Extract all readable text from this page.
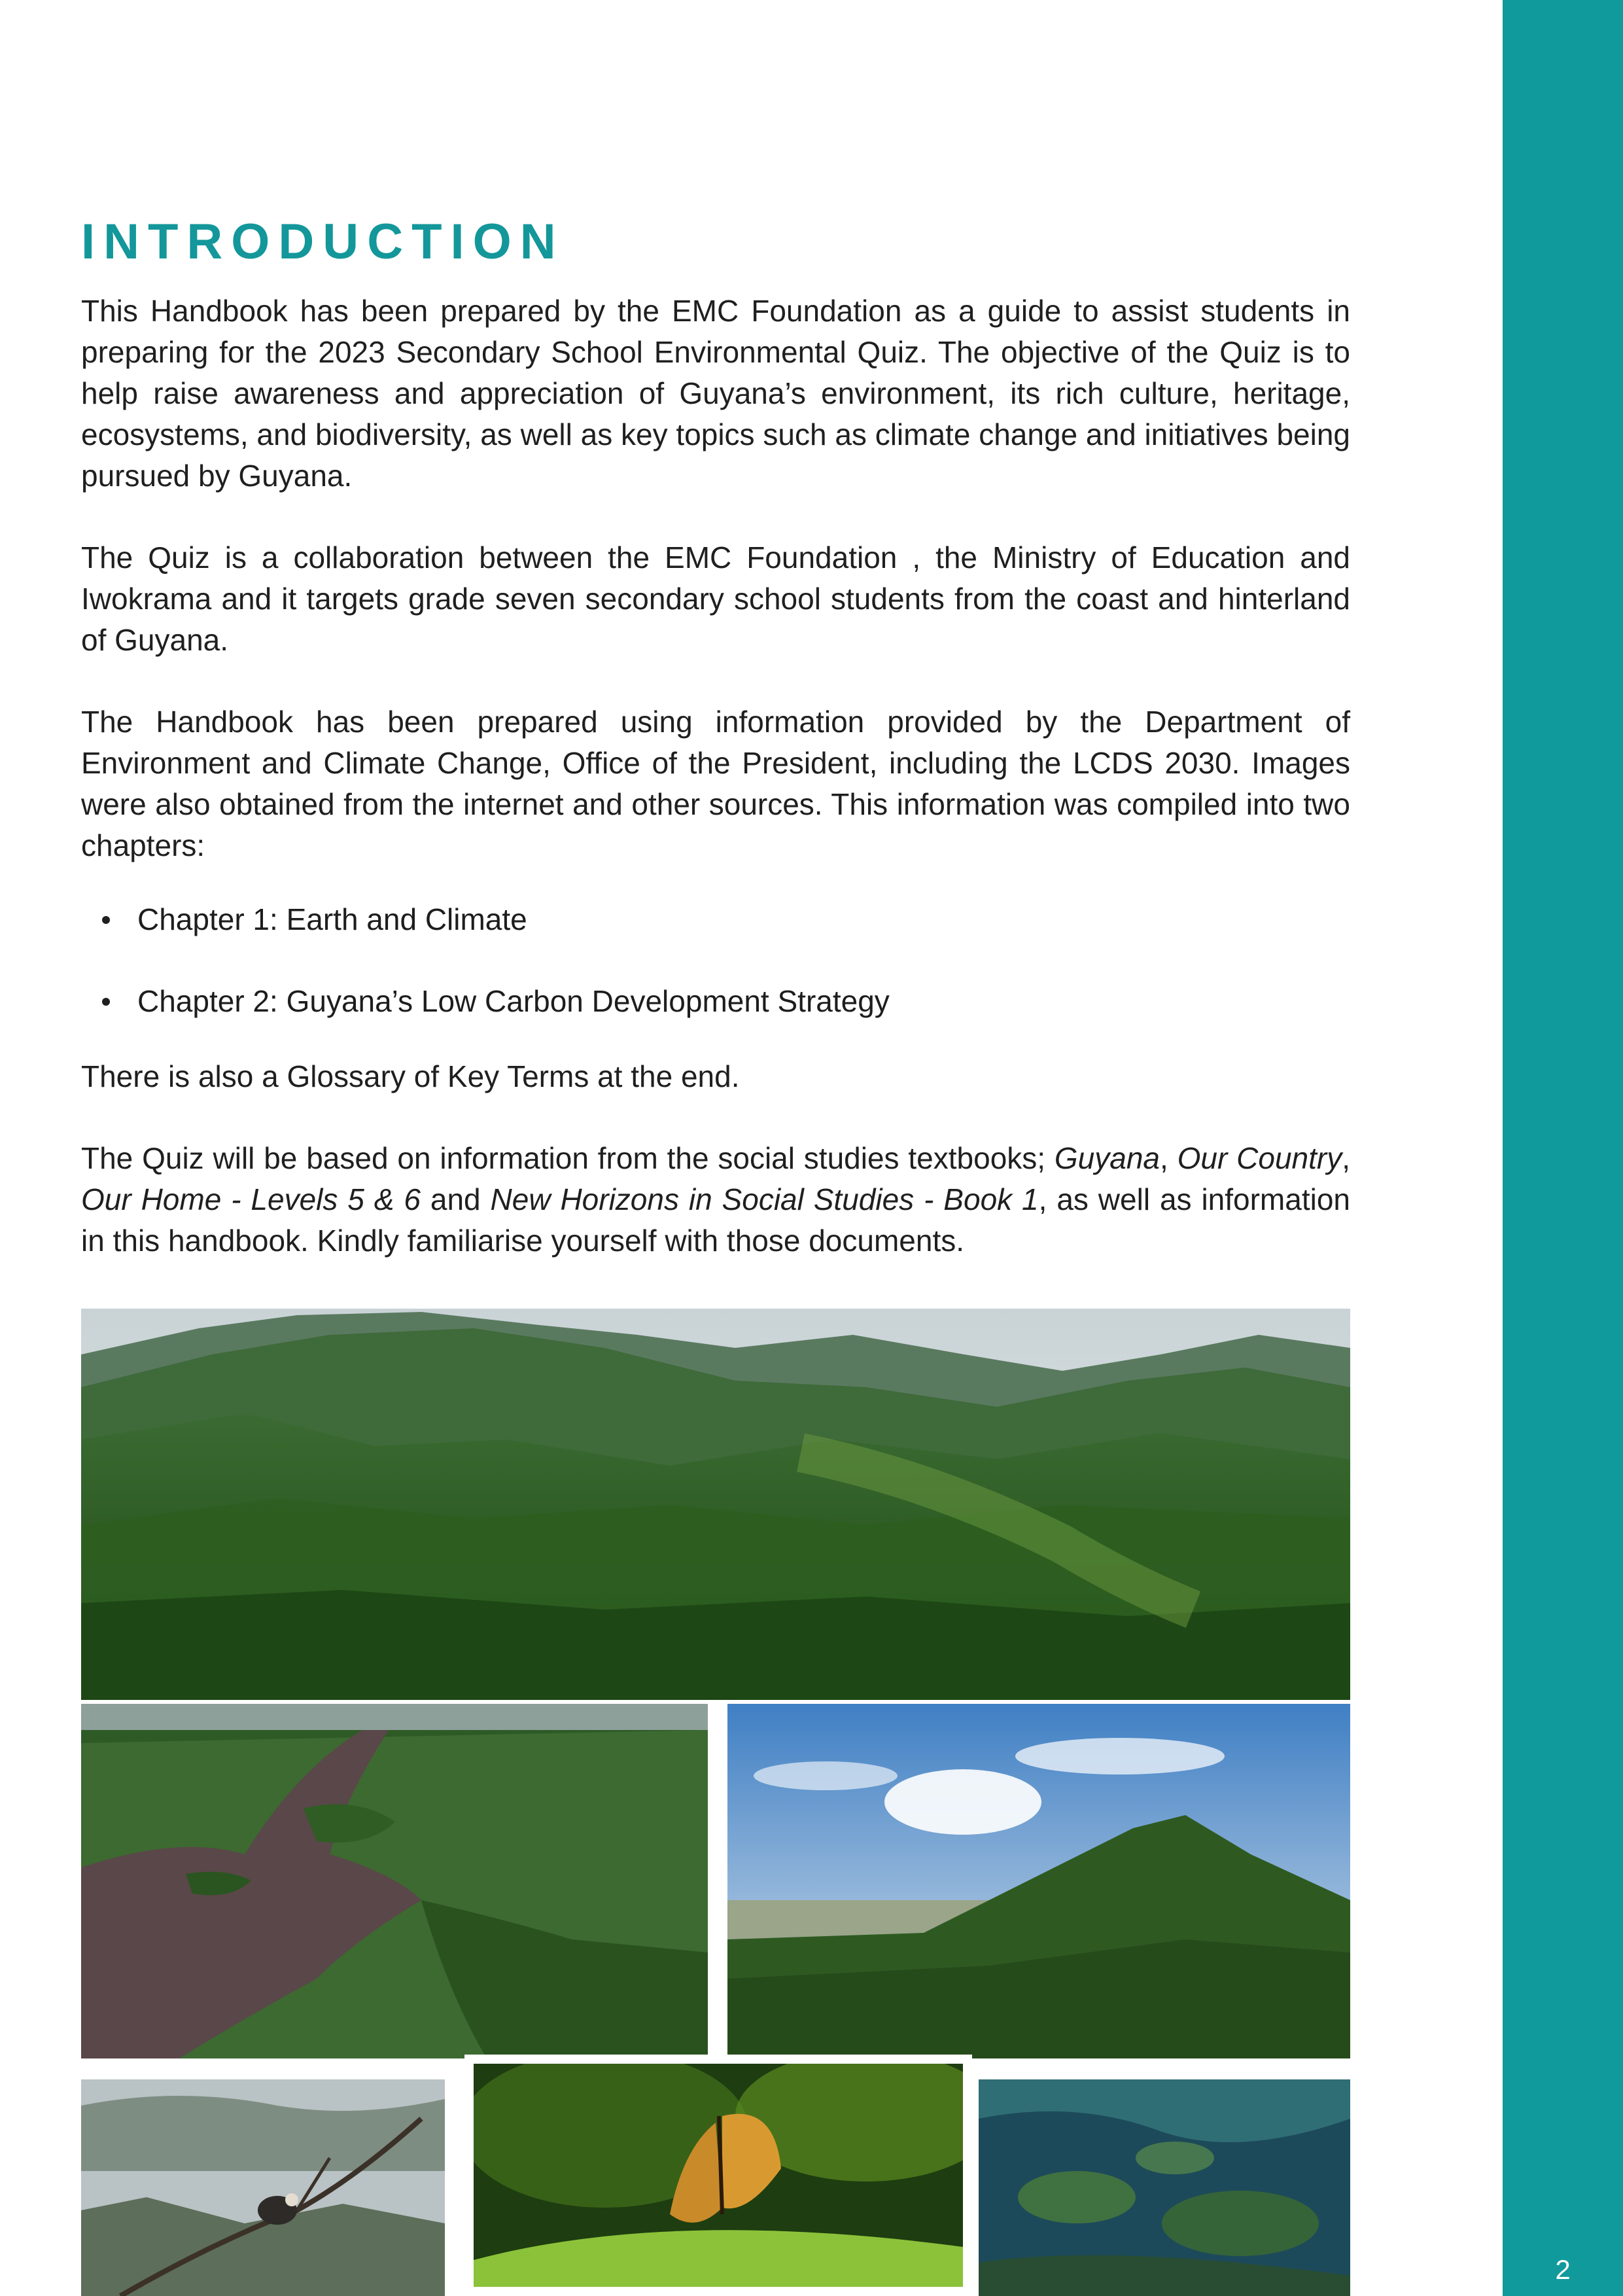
2
INTRODUCTION

This Handbook has been prepared by the EMC Foundation as a guide to assist students in preparing for the 2023 Secondary School Environmental Quiz. The objective of the Quiz is to help raise awareness and appreciation of Guyana’s environment, its rich culture, heritage, ecosystems, and biodiversity, as well as key topics such as climate change and initiatives being pursued by Guyana.

The Quiz is a collaboration between the EMC Foundation , the Ministry of Education and Iwokrama and it targets grade seven secondary school students from the coast and hinterland of Guyana.

The Handbook has been prepared using information provided by the Department of Environment and Climate Change, Office of the President, including the LCDS 2030. Images were also obtained from the internet and other sources. This information was compiled into two chapters:

Chapter 1: Earth and Climate
Chapter 2: Guyana’s Low Carbon Development Strategy

There is also a Glossary of Key Terms at the end.

The Quiz will be based on information from the social studies textbooks; Guyana, Our Country, Our Home - Levels 5 & 6 and New Horizons in Social Studies - Book 1, as well as information in this handbook. Kindly familiarise yourself with those documents.
